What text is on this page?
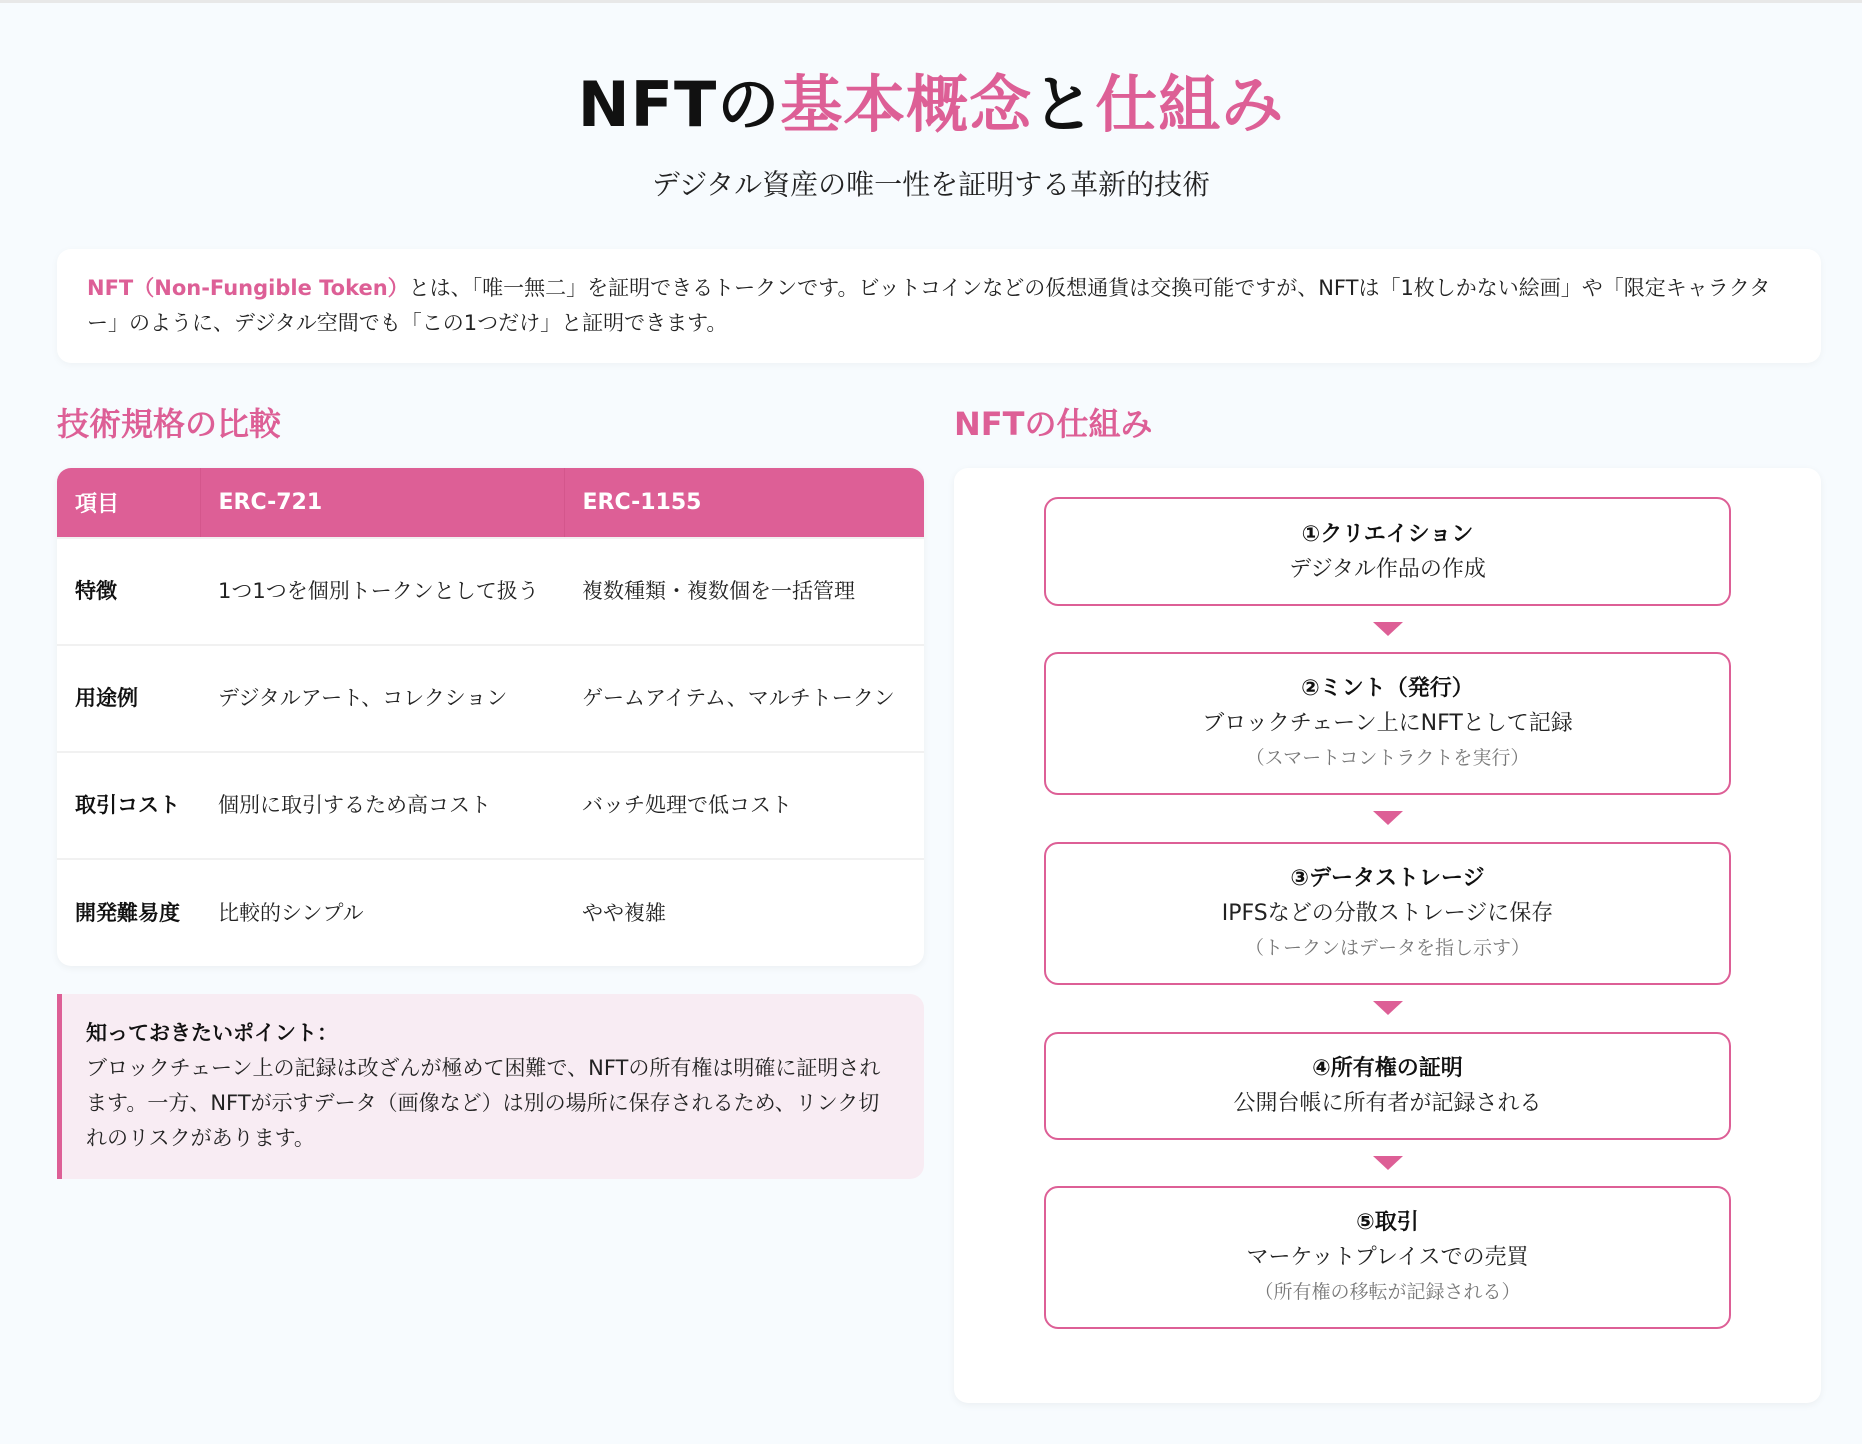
NFTの基本概念と仕組み
デジタル資産の唯一性を証明する革新的技術
NFT（Non-Fungible Token）とは、「唯一無二」を証明できるトークンです。ビットコインなどの仮想通貨は交換可能ですが、NFTは「1枚しかない絵画」や「限定キャラクター」のように、デジタル空間でも「この1つだけ」と証明できます。
技術規格の比較	NFTの仕組み
項目	ERC-721	ERC-1155
特徴	1つ1つを個別トークンとして扱う	複数種類・複数個を一括管理
用途例	デジタルアート、コレクション	ゲームアイテム、マルチトークン
取引コスト	個別に取引するため高コスト	バッチ処理で低コスト
開発難易度	比較的シンプル	やや複雑
知っておきたいポイント：
ブロックチェーン上の記録は改ざんが極めて困難で、NFTの所有権は明確に証明されます。一方、NFTが示すデータ（画像など）は別の場所に保存されるため、リンク切れのリスクがあります。
①クリエイション
デジタル作品の作成
②ミント（発行）
ブロックチェーン上にNFTとして記録
（スマートコントラクトを実行）
③データストレージ
IPFSなどの分散ストレージに保存
（トークンはデータを指し示す）
④所有権の証明
公開台帳に所有者が記録される
⑤取引
マーケットプレイスでの売買
（所有権の移転が記録される）
